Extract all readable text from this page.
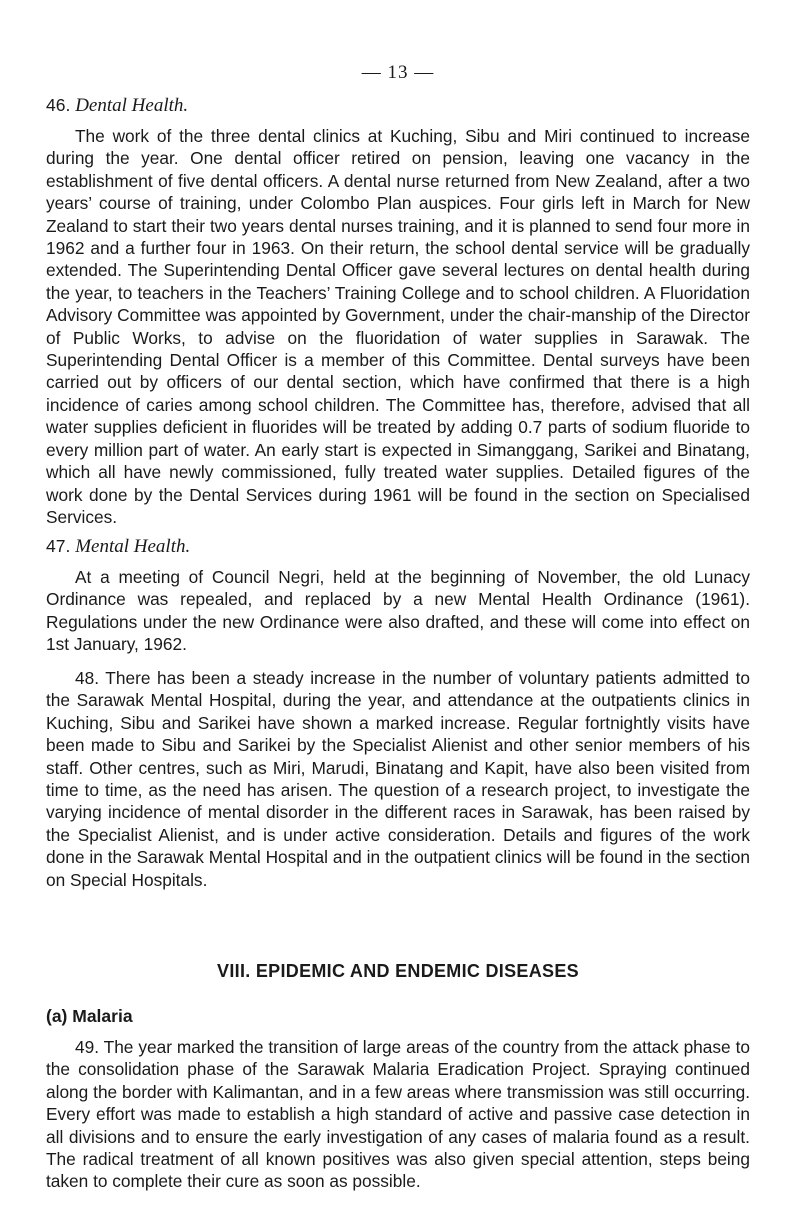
— 13 —
46. Dental Health.

The work of the three dental clinics at Kuching, Sibu and Miri continued to increase during the year. One dental officer retired on pension, leaving one vacancy in the establishment of five dental officers. A dental nurse returned from New Zealand, after a two years’ course of training, under Colombo Plan auspices. Four girls left in March for New Zealand to start their two years dental nurses training, and it is planned to send four more in 1962 and a further four in 1963. On their return, the school dental service will be gradually extended. The Superintending Dental Officer gave several lectures on dental health during the year, to teachers in the Teachers’ Training College and to school children. A Fluoridation Advisory Committee was appointed by Government, under the chair-manship of the Director of Public Works, to advise on the fluoridation of water supplies in Sarawak. The Superintending Dental Officer is a member of this Committee. Dental surveys have been carried out by officers of our dental section, which have confirmed that there is a high incidence of caries among school children. The Committee has, therefore, advised that all water supplies deficient in fluorides will be treated by adding 0.7 parts of sodium fluoride to every million part of water. An early start is expected in Simanggang, Sarikei and Binatang, which all have newly commissioned, fully treated water supplies. Detailed figures of the work done by the Dental Services during 1961 will be found in the section on Specialised Services.

47. Mental Health.

At a meeting of Council Negri, held at the beginning of November, the old Lunacy Ordinance was repealed, and replaced by a new Mental Health Ordinance (1961). Regulations under the new Ordinance were also drafted, and these will come into effect on 1st January, 1962.

48. There has been a steady increase in the number of voluntary patients admitted to the Sarawak Mental Hospital, during the year, and attendance at the outpatients clinics in Kuching, Sibu and Sarikei have shown a marked increase. Regular fortnightly visits have been made to Sibu and Sarikei by the Specialist Alienist and other senior members of his staff. Other centres, such as Miri, Marudi, Binatang and Kapit, have also been visited from time to time, as the need has arisen. The question of a research project, to investigate the varying incidence of mental disorder in the different races in Sarawak, has been raised by the Specialist Alienist, and is under active consideration. Details and figures of the work done in the Sarawak Mental Hospital and in the outpatient clinics will be found in the section on Special Hospitals.

VIII. EPIDEMIC AND ENDEMIC DISEASES
(a) Malaria

49. The year marked the transition of large areas of the country from the attack phase to the consolidation phase of the Sarawak Malaria Eradication Project. Spraying continued along the border with Kalimantan, and in a few areas where transmission was still occurring. Every effort was made to establish a high standard of active and passive case detection in all divisions and to ensure the early investigation of any cases of malaria found as a result. The radical treatment of all known positives was also given special attention, steps being taken to complete their cure as soon as possible.
